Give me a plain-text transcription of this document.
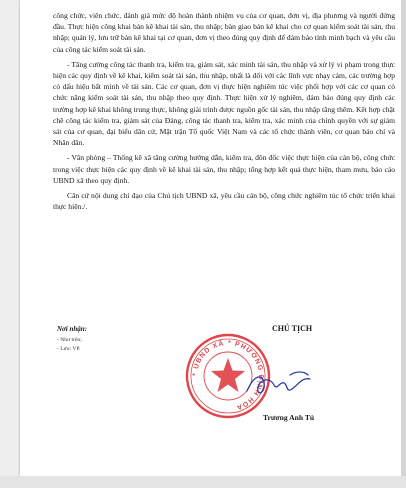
công chức, viên chức, đánh giá mức độ hoàn thành nhiệm vụ của cơ quan, đơn vị, địa phương và người đứng đầu. Thực hiện công khai bản kê khai tài sản, thu nhập; bàn giao bản kê khai cho cơ quan kiểm soát tài sản, thu nhập; quản lý, lưu trữ bản kê khai tại cơ quan, đơn vị theo đúng quy định để đảm bảo tính minh bạch và yêu cầu của công tác kiểm soát tài sản.

- Tăng cường công tác thanh tra, kiểm tra, giám sát, xác minh tài sản, thu nhập và xử lý vi phạm trong thực hiện các quy định về kê khai, kiểm soát tài sản, thu nhập, nhất là đối với các lĩnh vực nhạy cảm, các trường hợp có dấu hiệu bất minh về tài sản. Các cơ quan, đơn vị thực hiện nghiêm túc việc phối hợp với các cơ quan có chức năng kiểm soát tài sản, thu nhập theo quy định. Thực hiện xử lý nghiêm, đảm bảo đúng quy định các trường hợp kê khai không trung thực, không giải trình được nguồn gốc tài sản, thu nhập tăng thêm. Kết hợp chặt chẽ công tác kiểm tra, giám sát của Đảng, công tác thanh tra, kiểm tra, xác minh của chính quyền với sự giám sát của cơ quan, đại biểu dân cử, Mặt trận Tổ quốc Việt Nam và các tổ chức thành viên, cơ quan báo chí và Nhân dân.

- Văn phòng – Thống kê xã tăng cường hướng dẫn, kiểm tra, đôn đốc việc thực hiện của cán bộ, công chức trong việc thực hiện các quy định về kê khai tài sản, thu nhập; tổng hợp kết quả thực hiện, tham mưu, báo cáo UBND xã theo quy định.

Căn cứ nội dung chỉ đạo của Chủ tịch UBND xã, yêu cầu cán bộ, công chức nghiêm túc tổ chức triển khai thực hiện./.

Nơi nhận:
- Như trên;
- Lưu: VP.
CHỦ TỊCH
* UBND XÃ * PHƯỜNG ĐỊNH HÓA
Trương Anh Tú
